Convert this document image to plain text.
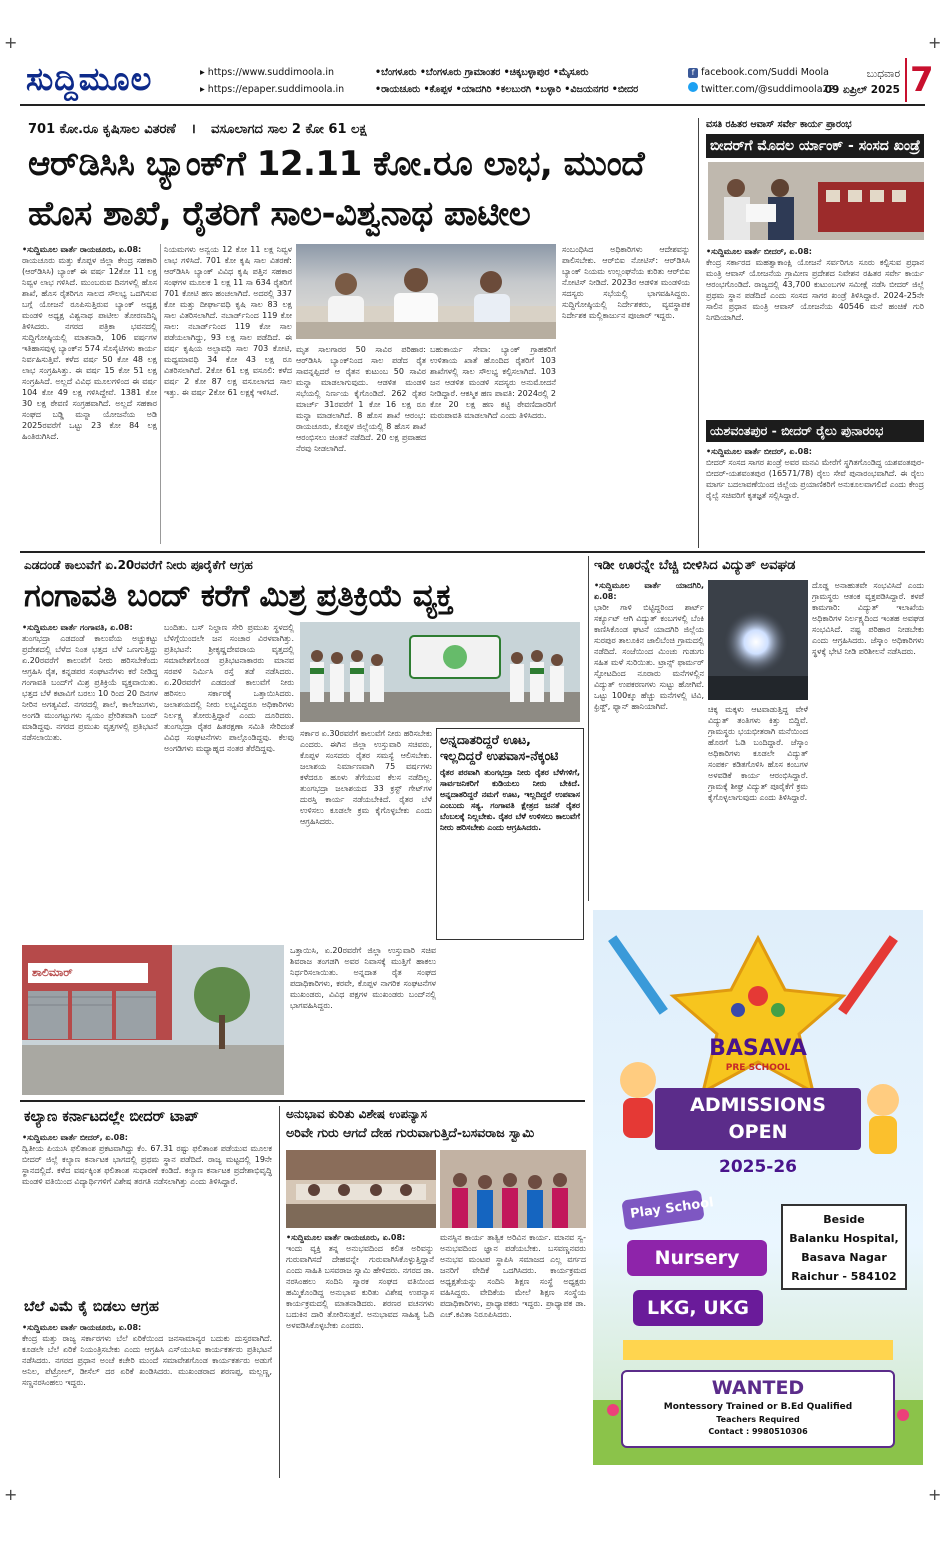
+	+
+	+
ಸುದ್ದಿಮೂಲ	▸ https://www.suddimoola.in
▸ https://epaper.suddimoola.in
•ಬೆಂಗಳೂರು •ಬೆಂಗಳೂರು ಗ್ರಾಮಾಂತರ •ಚಿಕ್ಕಬಳ್ಳಾಪುರ •ಮೈಸೂರು
•ರಾಯಚೂರು •ಕೊಪ್ಪಳ •ಯಾದಗಿರಿ •ಕಲಬುರಗಿ •ಬಳ್ಳಾರಿ •ವಿಜಯನಗರ •ಬೀದರ
f facebook.com/Suddi Moola
twitter.com/@suddimoola22
ಬುಧವಾರ
09 ಏಪ್ರಿಲ್ 2025 7
701 ಕೋ.ರೂ ಕೃಷಿಸಾಲ ವಿತರಣೆ । ವಸೂಲಾಗದ ಸಾಲ 2 ಕೋ 61 ಲಕ್ಷ
ಆರ್‌ಡಿಸಿಸಿ ಬ್ಯಾಂಕ್‌ಗೆ 12.11 ಕೋ.ರೂ ಲಾಭ, ಮುಂದೆ
ಹೊಸ ಶಾಖೆ, ರೈತರಿಗೆ ಸಾಲ-ವಿಶ್ವನಾಥ ಪಾಟೀಲ
•ಸುದ್ದಿಮೂಲ ವಾರ್ತೆ ರಾಯಚೂರು, ಏ.08:
ರಾಯಚೂರು ಮತ್ತು ಕೊಪ್ಪಳ ಜಿಲ್ಲಾ ಕೇಂದ್ರ ಸಹಕಾರಿ (ಆರ್‌ಡಿಸಿಸಿ) ಬ್ಯಾಂಕ್ ಈ ವರ್ಷ 12ಕೋ 11 ಲಕ್ಷ ನಿವ್ವಳ ಲಾಭ ಗಳಿಸಿದೆ. ಮುಂಬರುವ ದಿನಗಳಲ್ಲಿ ಹೊಸ ಶಾಖೆ, ಹೊಸ ರೈತರಿಗೂ ಸಾಲದ ಸೌಲಭ್ಯ ಒದಗಿಸುವ ಬಗ್ಗೆ ಯೋಜನೆ ರೂಪಿಸುತ್ತಿರುವ ಬ್ಯಾಂಕ್ ಅಧ್ಯಕ್ಷ ಮಂಡಳಿ ಅಧ್ಯಕ್ಷ ವಿಶ್ವನಾಥ ಪಾಟೀಲ ತೋರಣದಿನ್ನಿ ತಿಳಿಸಿದರು. ನಗರದ ಪತ್ರಿಕಾ ಭವನದಲ್ಲಿ ಸುದ್ದಿಗೋಷ್ಠಿಯಲ್ಲಿ ಮಾತನಾಡಿ, 106 ವರ್ಷಗಳ ಇತಿಹಾಸವುಳ್ಳ ಬ್ಯಾಂಕ್‌ನ 574 ಸೊಸೈಟಿಗಳು ಕಾರ್ಯ ನಿರ್ವಹಿಸುತ್ತಿವೆ. ಕಳೆದ ವರ್ಷ 50 ಕೋ 48 ಲಕ್ಷ ಲಾಭ ಸಂಗ್ರಹಿಸಿತ್ತು. ಈ ವರ್ಷ 15 ಕೋ 51 ಲಕ್ಷ ಸಂಗ್ರಹಿಸಿದೆ. ಅಲ್ಲದೆ ವಿವಿಧ ಮೂಲಗಳಿಂದ ಈ ವರ್ಷ 104 ಕೋ 49 ಲಕ್ಷ ಗಳಿಸಿದ್ದೇವೆ. 1381 ಕೋ 30 ಲಕ್ಷ ಠೇವಣಿ ಸಂಗ್ರಹವಾಗಿದೆ. ಅಲ್ಲದೆ ಸಹಕಾರ ಸಂಘದ ಬಡ್ಡಿ ಮನ್ನಾ ಯೋಜನೆಯ ಅಡಿ 2025ರವರೆಗೆ ಒಟ್ಟು 23 ಕೋ 84 ಲಕ್ಷ ಹಿಂತಿರುಗಿಸಿದೆ.
ನಿಯಮಗಳು ಅನ್ವಯ 12 ಕೋ 11 ಲಕ್ಷ ನಿವ್ವಳ ಲಾಭ ಗಳಿಸಿದೆ. 701 ಕೋ ಕೃಷಿ ಸಾಲ ವಿತರಣೆ: ಆರ್‌ಡಿಸಿಸಿ ಬ್ಯಾಂಕ್ ವಿವಿಧ ಕೃಷಿ ಪತ್ತಿನ ಸಹಕಾರ ಸಂಘಗಳ ಮೂಲಕ 1 ಲಕ್ಷ 11 ಸಾ 634 ರೈತರಿಗೆ 701 ಕೋಟಿ ಹಣ ಹಂಚಲಾಗಿದೆ. ಅದರಲ್ಲಿ 337 ಕೋ ಮತ್ತು ದೀರ್ಘಾವಧಿ ಕೃಷಿ ಸಾಲ 83 ಲಕ್ಷ ಸಾಲ ವಿತರಿಸಲಾಗಿದೆ. ನಬಾರ್ಡ್‌ನಿಂದ 119 ಕೋ ಸಾಲ: ನಬಾರ್ಡ್‌ನಿಂದ 119 ಕೋ ಸಾಲ ಪಡೆಯಲಾಗಿದ್ದು, 93 ಲಕ್ಷ ಸಾಲ ಪಡೆದಿದೆ. ಈ ವರ್ಷ ಕೃಷಿಯ ಅಲ್ಪಾವಧಿ ಸಾಲ 703 ಕೋಟಿ, ಮಧ್ಯಮಾವಧಿ 34 ಕೋ 43 ಲಕ್ಷ ರೂ ವಿತರಿಸಲಾಗಿದೆ. 2ಕೋ 61 ಲಕ್ಷ ವಸೂಲಿ: ಕಳೆದ ವರ್ಷ 2 ಕೋ 87 ಲಕ್ಷ ವಸೂಲಾಗದ ಸಾಲ ಇತ್ತು. ಈ ವರ್ಷ 2ಕೋ 61 ಲಕ್ಷಕ್ಕೆ ಇಳಿಸಿದೆ.
ಮೃತ ಸಾಲಗಾರರ 50 ಸಾವಿರ ಪರಿಹಾರ: ಆರ್‌ಡಿಸಿಸಿ ಬ್ಯಾಂಕ್‌ನಿಂದ ಸಾಲ ಪಡೆದ ರೈತ ಸಾವನ್ನಪ್ಪಿದರೆ ಆ ರೈತನ ಕುಟುಂಬ 50 ಸಾವಿರ ಮನ್ನಾ ಮಾಡಲಾಗುವುದು. ಆಡಳಿತ ಮಂಡಳಿ ಸಭೆಯಲ್ಲಿ ನಿರ್ಣಯ ಕೈಗೊಂಡಿದೆ. 262 ರೈತರ ಮಾರ್ಚ್ 31ರವರೆಗೆ 1 ಕೋ 16 ಲಕ್ಷ ರೂ ಮನ್ನಾ ಮಾಡಲಾಗಿದೆ. 8 ಹೊಸ ಶಾಖೆ ಆರಂಭ: ರಾಯಚೂರು, ಕೊಪ್ಪಳ ಜಿಲ್ಲೆಯಲ್ಲಿ 8 ಹೊಸ ಶಾಖೆ ಆರಂಭಿಸಲು ಚಿಂತನೆ ನಡೆದಿದೆ. 20 ಲಕ್ಷ ಪ್ರವಾಹದ ನೆರವು ನೀಡಲಾಗಿದೆ.
ಬಹುಕಾರ್ಯ ಸೇವಾ: ಬ್ಯಾಂಕ್ ಗ್ರಾಹಕರಿಗೆ ಉಳಿತಾಯ ಖಾತೆ ಹೊಂದಿದ ರೈತರಿಗೆ 103 ಶಾಖೆಗಳಲ್ಲಿ ಸಾಲ ಸೌಲಭ್ಯ ಕಲ್ಪಿಸಲಾಗಿದೆ. 103 ಜನ ಆಡಳಿತ ಮಂಡಳಿ ಸದಸ್ಯರು ಅನುಮೋದನೆ ನೀಡಿದ್ದಾರೆ. ಆಕಸ್ಮಿಕ ಹಣ ಪಾವತಿ: 2024ರಲ್ಲಿ 2 ಕೋ 20 ಲಕ್ಷ ಹಣ ಕಟ್ಟಿ ಠೇವಣಿದಾರರಿಗೆ ಮರುಪಾವತಿ ಮಾಡಲಾಗಿದೆ ಎಂದು ತಿಳಿಸಿದರು.
ಸಂಬಂಧಿಸಿದ ಅಧಿಕಾರಿಗಳು ಆದೇಶವನ್ನು ಪಾಲಿಸಬೇಕು. ಆರ್‌ಬಿಐ ನೋಟಿಸ್: ಆರ್‌ಡಿಸಿಸಿ ಬ್ಯಾಂಕ್ ನಿಯಮ ಉಲ್ಲಂಘನೆಯ ಕುರಿತು ಆರ್‌ಬಿಐ ನೋಟಿಸ್ ನೀಡಿದೆ. 2023ರ ಆಡಳಿತ ಮಂಡಳಿಯ ಸದಸ್ಯರು ಸಭೆಯಲ್ಲಿ ಭಾಗವಹಿಸಿದ್ದರು. ಸುದ್ದಿಗೋಷ್ಠಿಯಲ್ಲಿ ನಿರ್ದೇಶಕರು, ವ್ಯವಸ್ಥಾಪಕ ನಿರ್ದೇಶಕ ಮಲ್ಲಿಕಾರ್ಜುನ ಪೂಜಾರ್ ಇದ್ದರು.
ವಸತಿ ರಹಿತರ ಆವಾಸ್ ಸರ್ವೇ ಕಾರ್ಯ ಪ್ರಾರಂಭ
ಬೀದರ್‌ಗೆ ಮೊದಲ ರ್ಯಾಂಕ್ - ಸಂಸದ ಖಂಡ್ರೆ
•ಸುದ್ದಿಮೂಲ ವಾರ್ತೆ ಬೀದರ್, ಏ.08:
ಕೇಂದ್ರ ಸರ್ಕಾರದ ಮಹತ್ವಾಕಾಂಕ್ಷಿ ಯೋಜನೆ ಸರ್ವರಿಗೂ ಸೂರು ಕಲ್ಪಿಸುವ ಪ್ರಧಾನ ಮಂತ್ರಿ ಆವಾಸ್ ಯೋಜನೆಯ ಗ್ರಾಮೀಣ ಪ್ರದೇಶದ ನಿವೇಶನ ರಹಿತರ ಸರ್ವೇ ಕಾರ್ಯ ಆರಂಭಗೊಂಡಿದೆ. ರಾಜ್ಯದಲ್ಲಿ 43,700 ಕುಟುಂಬಗಳ ಸಮೀಕ್ಷೆ ನಡೆಸಿ ಬೀದರ್ ಜಿಲ್ಲೆ ಪ್ರಥಮ ಸ್ಥಾನ ಪಡೆದಿದೆ ಎಂದು ಸಂಸದ ಸಾಗರ ಖಂಡ್ರೆ ತಿಳಿಸಿದ್ದಾರೆ. 2024-25ನೇ ಸಾಲಿನ ಪ್ರಧಾನ ಮಂತ್ರಿ ಆವಾಸ್ ಯೋಜನೆಯ 40546 ಮನೆ ಹಂಚಿಕೆ ಗುರಿ ನಿಗದಿಯಾಗಿದೆ.
ಯಶವಂತಪುರ - ಬೀದರ್ ರೈಲು ಪುನಾರಂಭ
•ಸುದ್ದಿಮೂಲ ವಾರ್ತೆ ಬೀದರ್, ಏ.08:
ಬೀದರ್ ಸಂಸದ ಸಾಗರ ಖಂಡ್ರೆ ಅವರ ಮನವಿ ಮೇರೆಗೆ ಸ್ಥಗಿತಗೊಂಡಿದ್ದ ಯಶವಂತಪುರ-ಬೀದರ್-ಯಶವಂತಪುರ (16571/78) ರೈಲು ಸೇವೆ ಪುನಾರಂಭವಾಗಿದೆ. ಈ ರೈಲು ಮಾರ್ಗ ಬದಲಾವಣೆಯಿಂದ ಜಿಲ್ಲೆಯ ಪ್ರಯಾಣಿಕರಿಗೆ ಅನುಕೂಲವಾಗಲಿದೆ ಎಂದು ಕೇಂದ್ರ ರೈಲ್ವೆ ಸಚಿವರಿಗೆ ಕೃತಜ್ಞತೆ ಸಲ್ಲಿಸಿದ್ದಾರೆ.
ಎಡದಂಡೆ ಕಾಲುವೆಗೆ ಏ.20ರವರೆಗೆ ನೀರು ಪೂರೈಕೆಗೆ ಆಗ್ರಹ
ಗಂಗಾವತಿ ಬಂದ್ ಕರೆಗೆ ಮಿಶ್ರ ಪ್ರತಿಕ್ರಿಯೆ ವ್ಯಕ್ತ
•ಸುದ್ದಿಮೂಲ ವಾರ್ತೆ ಗಂಗಾವತಿ, ಏ.08:
ತುಂಗಭದ್ರಾ ಎಡದಂಡೆ ಕಾಲುವೆಯ ಅಚ್ಚುಕಟ್ಟು ಪ್ರದೇಶದಲ್ಲಿ ಬೆಳೆದ ನಿಂತ ಭತ್ತದ ಬೆಳೆ ಒಣಗುತ್ತಿದ್ದು ಏ.20ರವರೆಗೆ ಕಾಲುವೆಗೆ ನೀರು ಹರಿಸಬೇಕೆಂದು ಆಗ್ರಹಿಸಿ ರೈತ, ಕನ್ನಡಪರ ಸಂಘಟನೆಗಳು ಕರೆ ನೀಡಿದ್ದ ಗಂಗಾವತಿ ಬಂದ್‌ಗೆ ಮಿಶ್ರ ಪ್ರತಿಕ್ರಿಯೆ ವ್ಯಕ್ತವಾಯಿತು. ಭತ್ತದ ಬೆಳೆ ಕಟಾವಿಗೆ ಬರಲು 10 ರಿಂದ 20 ದಿನಗಳ ನೀರಿನ ಅಗತ್ಯವಿದೆ. ನಗರದಲ್ಲಿ ಶಾಲೆ, ಕಾಲೇಜುಗಳು, ಅಂಗಡಿ ಮುಂಗಟ್ಟುಗಳು ಸ್ವಯಂ ಪ್ರೇರಿತವಾಗಿ ಬಂದ್ ಮಾಡಿದ್ದವು. ನಗರದ ಪ್ರಮುಖ ವೃತ್ತಗಳಲ್ಲಿ ಪ್ರತಿಭಟನೆ ನಡೆಸಲಾಯಿತು.
ಬಂದಿತು. ಬಸ್ ನಿಲ್ದಾಣ ಸೇರಿ ಪ್ರಮುಖ ಸ್ಥಳದಲ್ಲಿ ಬೆಳಿಗ್ಗೆಯಿಂದಲೇ ಜನ ಸಂಚಾರ ವಿರಳವಾಗಿತ್ತು. ಪ್ರತಿಭಟನೆ: ಶ್ರೀಕೃಷ್ಣದೇವರಾಯ ವೃತ್ತದಲ್ಲಿ ಸಮಾವೇಶಗೊಂಡ ಪ್ರತಿಭಟನಾಕಾರರು ಮಾನವ ಸರಪಳಿ ನಿರ್ಮಿಸಿ ರಸ್ತೆ ತಡೆ ನಡೆಸಿದರು. ಏ.20ರವರೆಗೆ ಎಡದಂಡೆ ಕಾಲುವೆಗೆ ನೀರು ಹರಿಸಲು ಸರ್ಕಾರಕ್ಕೆ ಒತ್ತಾಯಿಸಿದರು. ಜಲಾಶಯದಲ್ಲಿ ನೀರು ಲಭ್ಯವಿದ್ದರೂ ಅಧಿಕಾರಿಗಳು ನಿರ್ಲಕ್ಷ್ಯ ತೋರುತ್ತಿದ್ದಾರೆ ಎಂದು ದೂರಿದರು. ತುಂಗಭದ್ರಾ ರೈತರ ಹಿತರಕ್ಷಣಾ ಸಮಿತಿ ಸೇರಿದಂತೆ ವಿವಿಧ ಸಂಘಟನೆಗಳು ಪಾಲ್ಗೊಂಡಿದ್ದವು. ಕೆಲವು ಅಂಗಡಿಗಳು ಮಧ್ಯಾಹ್ನದ ನಂತರ ತೆರೆದಿದ್ದವು.
ಸರ್ಕಾರ ಏ.30ರವರೆಗೆ ಕಾಲುವೆಗೆ ನೀರು ಹರಿಸಬೇಕು ಎಂದರು. ಈಗಿನ ಜಿಲ್ಲಾ ಉಸ್ತುವಾರಿ ಸಚಿವರು, ಕೊಪ್ಪಳ ಸಂಸದರು ರೈತರ ಸಮಸ್ಯೆ ಆಲಿಸಬೇಕು. ಜಲಾಶಯ ನಿರ್ಮಾಣವಾಗಿ 75 ವರ್ಷಗಳು ಕಳೆದರೂ ಹೂಳು ತೆಗೆಯುವ ಕೆಲಸ ನಡೆದಿಲ್ಲ. ತುಂಗಭದ್ರಾ ಜಲಾಶಯದ 33 ಕ್ರಸ್ಟ್ ಗೇಟ್‌ಗಳ ದುರಸ್ತಿ ಕಾರ್ಯ ನಡೆಯಬೇಕಿದೆ. ರೈತರ ಬೆಳೆ ಉಳಿಸಲು ಕೂಡಲೇ ಕ್ರಮ ಕೈಗೊಳ್ಳಬೇಕು ಎಂದು ಆಗ್ರಹಿಸಿದರು.
ಅನ್ನದಾತರಿದ್ದರೆ ಊಟ,
ಇಲ್ಲದಿದ್ದರೆ ಉಪವಾಸ-ನೆಕ್ಕಂಟಿ
ರೈತರ ಪರವಾಗಿ ತುಂಗಭದ್ರಾ ನೀರು ರೈತರ ಬೆಳೆಗಳಿಗೆ, ಸಾರ್ವಜನಿಕರಿಗೆ ಕುಡಿಯಲು ನೀರು ಬೇಕಿದೆ. ಅನ್ನದಾತರಿದ್ದರೆ ನಮಗೆ ಊಟ, ಇಲ್ಲದಿದ್ದರೆ ಉಪವಾಸ ಎಂಬುದು ಸತ್ಯ. ಗಂಗಾವತಿ ಕ್ಷೇತ್ರದ ಜನತೆ ರೈತರ ಬೆಂಬಲಕ್ಕೆ ನಿಲ್ಲಬೇಕು. ರೈತರ ಬೆಳೆ ಉಳಿಸಲು ಕಾಲುವೆಗೆ ನೀರು ಹರಿಸಬೇಕು ಎಂದು ಆಗ್ರಹಿಸಿದರು.
ಶಾಲಿಮಾರ್
ಒತ್ತಾಯಿಸಿ, ಏ.20ರವರೆಗೆ ಜಿಲ್ಲಾ ಉಸ್ತುವಾರಿ ಸಚಿವ ಶಿವರಾಜ ತಂಗಡಗಿ ಅವರ ನಿವಾಸಕ್ಕೆ ಮುತ್ತಿಗೆ ಹಾಕಲು ನಿರ್ಧರಿಸಲಾಯಿತು. ಅನ್ನದಾತ ರೈತ ಸಂಘದ ಪದಾಧಿಕಾರಿಗಳು, ಕರವೇ, ಕೊಪ್ಪಳ ನಾಗರಿಕ ಸಂಘಟನೆಗಳ ಮುಖಂಡರು, ವಿವಿಧ ಪಕ್ಷಗಳ ಮುಖಂಡರು ಬಂದ್‌ನಲ್ಲಿ ಭಾಗವಹಿಸಿದ್ದರು.
ಇಡೀ ಊರನ್ನೇ ಬೆಚ್ಚಿ ಬೀಳಿಸಿದ ವಿದ್ಯುತ್ ಅವಘಡ
•ಸುದ್ದಿಮೂಲ ವಾರ್ತೆ ಯಾದಗಿರಿ, ಏ.08:
ಭಾರೀ ಗಾಳಿ ಬಿಟ್ಟಿದ್ದರಿಂದ ಶಾರ್ಟ್ ಸರ್ಕ್ಯೂಟ್ ಆಗಿ ವಿದ್ಯುತ್ ಕಂಬಗಳಲ್ಲಿ ಬೆಂಕಿ ಕಾಣಿಸಿಕೊಂಡ ಘಟನೆ ಯಾದಗಿರಿ ಜಿಲ್ಲೆಯ ಸುರಪುರ ತಾಲೂಕಿನ ಜಾಲಿಬೆಂಚಿ ಗ್ರಾಮದಲ್ಲಿ ನಡೆದಿದೆ. ಸಂಜೆಯಿಂದ ಮಿಂಚು ಗುಡುಗು ಸಹಿತ ಮಳೆ ಸುರಿಯಿತು. ಟ್ರಾನ್ಸ್ ಫಾರ್ಮರ್ ಸ್ಫೋಟದಿಂದ ನೂರಾರು ಮನೆಗಳಲ್ಲಿನ ವಿದ್ಯುತ್ ಉಪಕರಣಗಳು ಸುಟ್ಟು ಹೋಗಿವೆ. ಒಟ್ಟು 100ಕ್ಕೂ ಹೆಚ್ಚು ಮನೆಗಳಲ್ಲಿ ಟಿವಿ, ಫ್ರಿಡ್ಜ್, ಫ್ಯಾನ್ ಹಾನಿಯಾಗಿವೆ.
ದೊಡ್ಡ ಅನಾಹುತವೇ ಸಂಭವಿಸಿದೆ ಎಂದು ಗ್ರಾಮಸ್ಥರು ಆತಂಕ ವ್ಯಕ್ತಪಡಿಸಿದ್ದಾರೆ. ಕಳಪೆ ಕಾಮಗಾರಿ: ವಿದ್ಯುತ್ ಇಲಾಖೆಯ ಅಧಿಕಾರಿಗಳ ನಿರ್ಲಕ್ಷ್ಯದಿಂದ ಇಂತಹ ಅವಘಡ ಸಂಭವಿಸಿದೆ. ನಷ್ಟ ಪರಿಹಾರ ನೀಡಬೇಕು ಎಂದು ಆಗ್ರಹಿಸಿದರು. ಜೆಸ್ಕಾಂ ಅಧಿಕಾರಿಗಳು ಸ್ಥಳಕ್ಕೆ ಭೇಟಿ ನೀಡಿ ಪರಿಶೀಲನೆ ನಡೆಸಿದರು.
ಚಿಕ್ಕ ಮಕ್ಕಳು ಆಟವಾಡುತ್ತಿದ್ದ ವೇಳೆ ವಿದ್ಯುತ್ ತಂತಿಗಳು ಕಿತ್ತು ಬಿದ್ದಿವೆ. ಗ್ರಾಮಸ್ಥರು ಭಯಭೀತರಾಗಿ ಮನೆಯಿಂದ ಹೊರಗೆ ಓಡಿ ಬಂದಿದ್ದಾರೆ. ಜೆಸ್ಕಾಂ ಅಧಿಕಾರಿಗಳು ಕೂಡಲೇ ವಿದ್ಯುತ್ ಸಂಪರ್ಕ ಕಡಿತಗೊಳಿಸಿ ಹೊಸ ಕಂಬಗಳ ಅಳವಡಿಕೆ ಕಾರ್ಯ ಆರಂಭಿಸಿದ್ದಾರೆ. ಗ್ರಾಮಕ್ಕೆ ಶೀಘ್ರ ವಿದ್ಯುತ್ ಪೂರೈಕೆಗೆ ಕ್ರಮ ಕೈಗೊಳ್ಳಲಾಗುವುದು ಎಂದು ತಿಳಿಸಿದ್ದಾರೆ.
BASAVA
PRE SCHOOL
ADMISSIONS
OPEN
2025-26
Play School
Nursery
LKG, UKG
Beside
Balanku Hospital,
Basava Nagar
Raichur - 584102
WANTED
Montessory Trained or B.Ed Qualified
Teachers Required
Contact : 9980510306
ಕಲ್ಯಾಣ ಕರ್ನಾಟದಲ್ಲೇ ಬೀದರ್ ಟಾಪ್
•ಸುದ್ದಿಮೂಲ ವಾರ್ತೆ ಬೀದರ್, ಏ.08:
ದ್ವಿತೀಯ ಪಿಯುಸಿ ಫಲಿತಾಂಶ ಪ್ರಕಟವಾಗಿದ್ದು ಕೆಂ. 67.31 ರಷ್ಟು ಫಲಿತಾಂಶ ಪಡೆಯುವ ಮೂಲಕ ಬೀದರ್ ಜಿಲ್ಲೆ ಕಲ್ಯಾಣ ಕರ್ನಾಟಕ ಭಾಗದಲ್ಲಿ ಪ್ರಥಮ ಸ್ಥಾನ ಪಡೆದಿದೆ. ರಾಜ್ಯ ಮಟ್ಟದಲ್ಲಿ 19ನೇ ಸ್ಥಾನದಲ್ಲಿದೆ. ಕಳೆದ ವರ್ಷಕ್ಕಿಂತ ಫಲಿತಾಂಶ ಸುಧಾರಣೆ ಕಂಡಿದೆ. ಕಲ್ಯಾಣ ಕರ್ನಾಟಕ ಪ್ರದೇಶಾಭಿವೃದ್ಧಿ ಮಂಡಳಿ ವತಿಯಿಂದ ವಿದ್ಯಾರ್ಥಿಗಳಿಗೆ ವಿಶೇಷ ತರಗತಿ ನಡೆಸಲಾಗಿತ್ತು ಎಂದು ತಿಳಿಸಿದ್ದಾರೆ.
ಬೆಲೆ ವಿಮೆ ಕೈ ಬಿಡಲು ಆಗ್ರಹ
•ಸುದ್ದಿಮೂಲ ವಾರ್ತೆ ರಾಯಚೂರು, ಏ.08:
ಕೇಂದ್ರ ಮತ್ತು ರಾಜ್ಯ ಸರ್ಕಾರಗಳು ಬೆಲೆ ಏರಿಕೆಯಿಂದ ಜನಸಾಮಾನ್ಯರ ಬದುಕು ದುಸ್ತರವಾಗಿದೆ. ಕೂಡಲೇ ಬೆಲೆ ಏರಿಕೆ ನಿಯಂತ್ರಿಸಬೇಕು ಎಂದು ಆಗ್ರಹಿಸಿ ಎಸ್‌ಯುಸಿಐ ಕಾರ್ಯಕರ್ತರು ಪ್ರತಿಭಟನೆ ನಡೆಸಿದರು. ನಗರದ ಪ್ರಧಾನ ಅಂಚೆ ಕಚೇರಿ ಮುಂದೆ ಸಮಾವೇಶಗೊಂಡ ಕಾರ್ಯಕರ್ತರು ಅಡುಗೆ ಅನಿಲ, ಪೆಟ್ರೋಲ್, ಡೀಸೆಲ್ ದರ ಏರಿಕೆ ಖಂಡಿಸಿದರು. ಮುಖಂಡರಾದ ಶರಣಪ್ಪ, ಮಲ್ಲಣ್ಣ, ಸಣ್ಣನರಸಿಂಹಲು ಇದ್ದರು.
ಅನುಭಾವ ಕುರಿತು ವಿಶೇಷ ಉಪನ್ಯಾಸ
ಅರಿವೇ ಗುರು ಆಗದೆ ದೇಹ ಗುರುವಾಗುತ್ತಿದೆ-ಬಸವರಾಜ ಸ್ವಾಮಿ
•ಸುದ್ದಿಮೂಲ ವಾರ್ತೆ ರಾಯಚೂರು, ಏ.08:
ಇಂದು ವ್ಯಕ್ತಿ ತನ್ನ ಅನುಭವದಿಂದ ಕಲಿತ ಅರಿವನ್ನು ಗುರುವಾಗಿಸದೆ ದೇಹವನ್ನೇ ಗುರುವಾಗಿಸಿಕೊಳ್ಳುತ್ತಿದ್ದಾನೆ ಎಂದು ಸಾಹಿತಿ ಬಸವರಾಜ ಸ್ವಾಮಿ ಹೇಳಿದರು. ನಗರದ ಡಾ. ನರಸಿಂಹಲು ಸಂದಿನಿ ಸ್ಮಾರಕ ಸಂಘದ ವತಿಯಿಂದ ಹಮ್ಮಿಕೊಂಡಿದ್ದ ಅನುಭಾವ ಕುರಿತು ವಿಶೇಷ ಉಪನ್ಯಾಸ ಕಾರ್ಯಕ್ರಮದಲ್ಲಿ ಮಾತನಾಡಿದರು. ಶರಣರ ವಚನಗಳು ಬದುಕಿನ ದಾರಿ ತೋರಿಸುತ್ತವೆ. ಅನುಭಾವದ ಸಾಹಿತ್ಯ ಓದಿ ಅಳವಡಿಸಿಕೊಳ್ಳಬೇಕು ಎಂದರು.
ಮನಸ್ಸಿನ ಕಾರ್ಯ ತಾತ್ವಿಕ ಅರಿವಿನ ಕಾರ್ಯ. ಮಾನವ ಸ್ವ-ಅನುಭವದಿಂದ ಜ್ಞಾನ ಪಡೆಯಬೇಕು. ಬಸವಣ್ಣನವರು ಅನುಭವ ಮಂಟಪ ಸ್ಥಾಪಿಸಿ ಸಮಾಜದ ಎಲ್ಲ ವರ್ಗದ ಜನರಿಗೆ ವೇದಿಕೆ ಒದಗಿಸಿದರು. ಕಾರ್ಯಕ್ರಮದ ಅಧ್ಯಕ್ಷತೆಯನ್ನು ಸಂದಿನಿ ಶಿಕ್ಷಣ ಸಂಸ್ಥೆ ಅಧ್ಯಕ್ಷರು ವಹಿಸಿದ್ದರು. ವೇದಿಕೆಯ ಮೇಲೆ ಶಿಕ್ಷಣ ಸಂಸ್ಥೆಯ ಪದಾಧಿಕಾರಿಗಳು, ಪ್ರಾಧ್ಯಾಪಕರು ಇದ್ದರು. ಪ್ರಾಧ್ಯಾಪಕ ಡಾ. ಎಚ್.ಕವಿತಾ ನಿರೂಪಿಸಿದರು.
